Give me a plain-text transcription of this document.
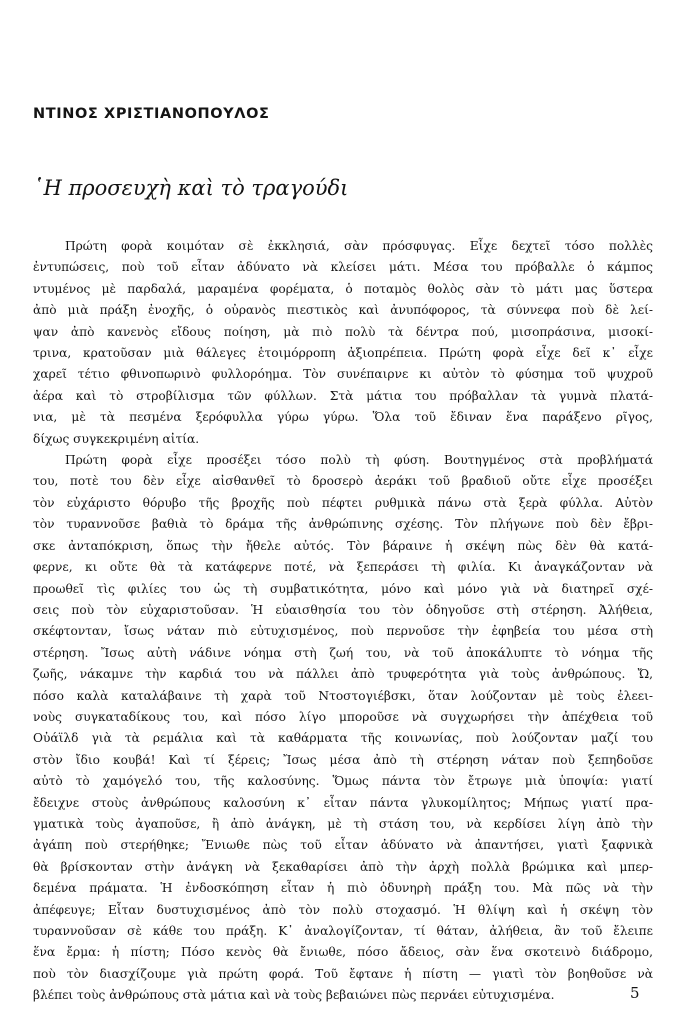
ΝΤΙΝΟΣ ΧΡΙΣΤΙΑΝΟΠΟΥΛΟΣ
῾Η προσευχὴ καὶ τὸ τραγούδι
Πρώτη φορὰ κοιμόταν σὲ ἐκκλησιά, σὰν πρόσφυγας. Εἶχε δεχτεῖ τόσο πολλὲς
ἐντυπώσεις, ποὺ τοῦ εἶταν ἀδύνατο νὰ κλείσει μάτι. Μέσα του πρόβαλλε ὁ κάμπος
ντυμένος μὲ παρδαλά, μαραμένα φορέματα, ὁ ποταμὸς θολὸς σὰν τὸ μάτι μας ὕστερα
ἀπὸ μιὰ πράξη ἐνοχῆς, ὁ οὐρανὸς πιεστικὸς καὶ ἀνυπόφορος, τὰ σύννεφα ποὺ δὲ λεί-
ψαν ἀπὸ κανενὸς εἴδους ποίηση, μὰ πιὸ πολὺ τὰ δέντρα πού, μισοπράσινα, μισοκί-
τρινα, κρατοῦσαν μιὰ θάλεγες ἑτοιμόρροπη ἀξιοπρέπεια. Πρώτη φορὰ εἶχε δεῖ κ᾿ εἶχε
χαρεῖ τέτιο φθινοπωρινὸ φυλλορόημα. Τὸν συνέπαιρνε κι αὐτὸν τὸ φύσημα τοῦ ψυχροῦ
ἀέρα καὶ τὸ στροβίλισμα τῶν φύλλων. Στὰ μάτια του πρόβαλλαν τὰ γυμνὰ πλατά-
νια, μὲ τὰ πεσμένα ξερόφυλλα γύρω γύρω. Ὅλα τοῦ ἔδιναν ἕνα παράξενο ρῖγος,
δίχως συγκεκριμένη αἰτία.
Πρώτη φορὰ εἶχε προσέξει τόσο πολὺ τὴ φύση. Βουτηγμένος στὰ προβλήματά
του, ποτὲ του δὲν εἶχε αἰσθανθεῖ τὸ δροσερὸ ἀεράκι τοῦ βραδιοῦ οὔτε εἶχε προσέξει
τὸν εὐχάριστο θόρυβο τῆς βροχῆς ποὺ πέφτει ρυθμικὰ πάνω στὰ ξερὰ φύλλα. Αὐτὸν
τὸν τυραννοῦσε βαθιὰ τὸ δράμα τῆς ἀνθρώπινης σχέσης. Τὸν πλήγωνε ποὺ δὲν ἔβρι-
σκε ἀνταπόκριση, ὅπως τὴν ἤθελε αὐτός. Τὸν βάραινε ἡ σκέψη πὼς δὲν θὰ κατά-
φερνε, κι οὔτε θὰ τὰ κατάφερνε ποτέ, νὰ ξεπεράσει τὴ φιλία. Κι ἀναγκάζονταν νὰ
προωθεῖ τὶς φιλίες του ὡς τὴ συμβατικότητα, μόνο καὶ μόνο γιὰ νὰ διατηρεῖ σχέ-
σεις ποὺ τὸν εὐχαριστοῦσαν. Ἡ εὐαισθησία του τὸν ὁδηγοῦσε στὴ στέρηση. Ἀλήθεια,
σκέφτονταν, ἴσως νάταν πιὸ εὐτυχισμένος, ποὺ περνοῦσε τὴν ἐφηβεία του μέσα στὴ
στέρηση. Ἴσως αὐτὴ νάδινε νόημα στὴ ζωή του, νὰ τοῦ ἀποκάλυπτε τὸ νόημα τῆς
ζωῆς, νάκαμνε τὴν καρδιά του νὰ πάλλει ἀπὸ τρυφερότητα γιὰ τοὺς ἀνθρώπους. Ὤ,
πόσο καλὰ καταλάβαινε τὴ χαρὰ τοῦ Ντοστογιέβσκι, ὅταν λούζονταν μὲ τοὺς ἐλεει-
νοὺς συγκαταδίκους του, καὶ πόσο λίγο μποροῦσε νὰ συγχωρήσει τὴν ἀπέχθεια τοῦ
Οὐάϊλδ γιὰ τὰ ρεμάλια καὶ τὰ καθάρματα τῆς κοινωνίας, ποὺ λούζονταν μαζί του
στὸν ἴδιο κουβά! Καὶ τί ξέρεις; Ἴσως μέσα ἀπὸ τὴ στέρηση νάταν ποὺ ξεπηδοῦσε
αὐτὸ τὸ χαμόγελό του, τῆς καλοσύνης. Ὅμως πάντα τὸν ἔτρωγε μιὰ ὑποψία: γιατί
ἔδειχνε στοὺς ἀνθρώπους καλοσύνη κ᾿ εἶταν πάντα γλυκομίλητος; Μήπως γιατί πρα-
γματικὰ τοὺς ἀγαποῦσε, ἢ ἀπὸ ἀνάγκη, μὲ τὴ στάση του, νὰ κερδίσει λίγη ἀπὸ τὴν
ἀγάπη ποὺ στερήθηκε; Ἔνιωθε πὼς τοῦ εἶταν ἀδύνατο νὰ ἀπαντήσει, γιατὶ ξαφνικὰ
θὰ βρίσκονταν στὴν ἀνάγκη νὰ ξεκαθαρίσει ἀπὸ τὴν ἀρχὴ πολλὰ βρώμικα καὶ μπερ-
δεμένα πράματα. Ἡ ἐνδοσκόπηση εἶταν ἡ πιὸ ὀδυνηρὴ πράξη του. Μὰ πῶς νὰ τὴν
ἀπέφευγε; Εἶταν δυστυχισμένος ἀπὸ τὸν πολὺ στοχασμό. Ἡ θλίψη καὶ ἡ σκέψη τὸν
τυραννοῦσαν σὲ κάθε του πράξη. Κ᾿ ἀναλογίζονταν, τί θάταν, ἀλήθεια, ἂν τοῦ ἔλειπε
ἕνα ἔρμα: ἡ πίστη; Πόσο κενὸς θὰ ἔνιωθε, πόσο ἄδειος, σὰν ἕνα σκοτεινὸ διάδρομο,
ποὺ τὸν διασχίζουμε γιὰ πρώτη φορά. Τοῦ ἔφτανε ἡ πίστη — γιατὶ τὸν βοηθοῦσε νὰ
βλέπει τοὺς ἀνθρώπους στὰ μάτια καὶ νὰ τοὺς βεβαιώνει πὼς περνάει εὐτυχισμένα.	5
